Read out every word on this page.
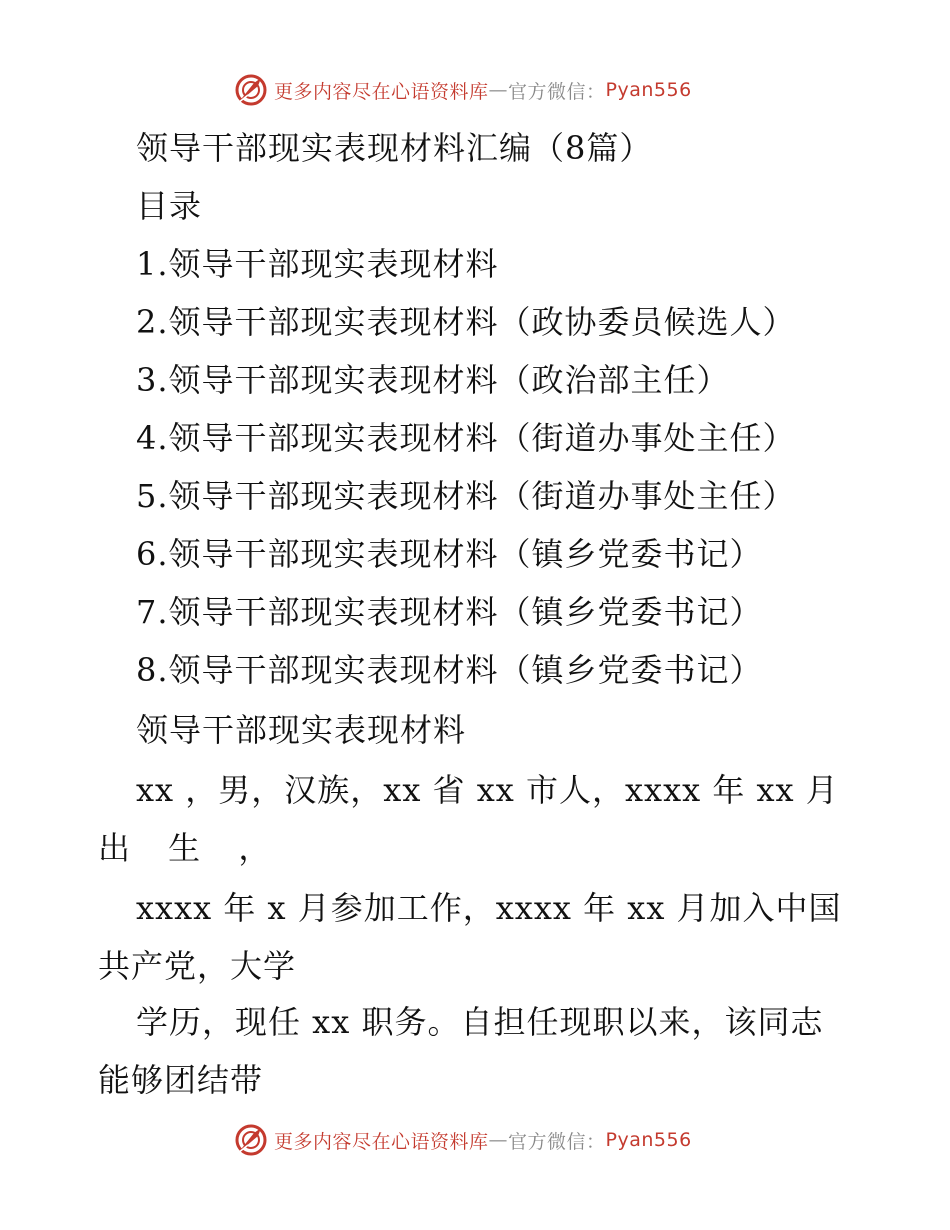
更多内容尽在心语资料库 — 官方微信： Pyan556
领导干部现实表现材料汇编（8篇）
目录
1.领导干部现实表现材料
2.领导干部现实表现材料（政协委员候选人）
3.领导干部现实表现材料（政治部主任）
4.领导干部现实表现材料（街道办事处主任）
5.领导干部现实表现材料（街道办事处主任）
6.领导干部现实表现材料（镇乡党委书记）
7.领导干部现实表现材料（镇乡党委书记）
8.领导干部现实表现材料（镇乡党委书记）
领导干部现实表现材料
xx ，男，汉族，xx 省 xx 市人，xxxx 年 xx 月
出 生 ，
xxxx 年 x 月参加工作，xxxx 年 xx 月加入中国
共产党，大学
学历，现任 xx 职务。自担任现职以来，该同志
能够团结带
更多内容尽在心语资料库 — 官方微信： Pyan556
